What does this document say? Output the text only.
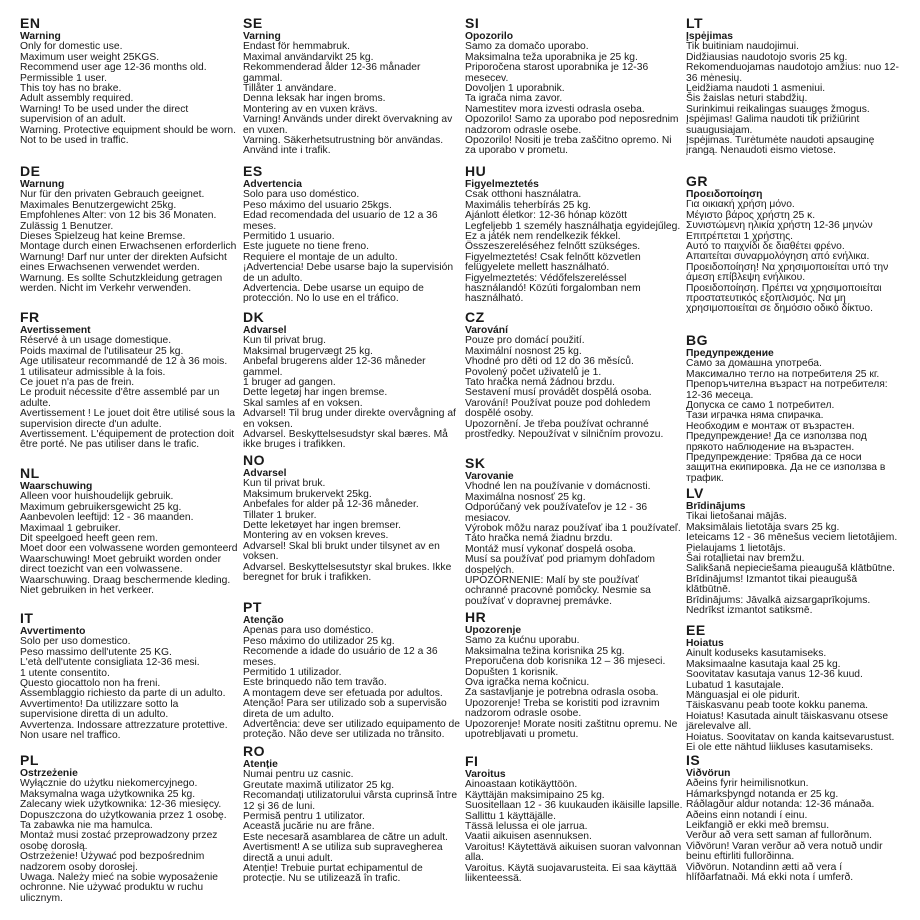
EN
Warning
Only for domestic use.
Maximum user weight 25KGS.
Recommend user age 12-36 months old.
Permissible 1 user.
This toy has no brake.
Adult assembly required.
Warning! To be used under the direct supervision of an adult.
Warning. Protective equipment should be worn. Not to be used in traffic.
DE
Warnung
Nur für den privaten Gebrauch geeignet.
Maximales Benutzergewicht 25kg.
Empfohlenes Alter: von 12 bis 36 Monaten.
Zulässig 1 Benutzer.
Dieses Spielzeug hat keine Bremse.
Montage durch einen Erwachsenen erforderlich
Warnung! Darf nur unter der direkten Aufsicht eines Erwachsenen verwendet werden.
Warnung. Es sollte Schutzkleidung getragen werden. Nicht im Verkehr verwenden.
FR
Avertissement
Réservé à un usage domestique.
Poids maximal de l'utilisateur 25 kg.
Age utilisateur recommandé de 12 à 36 mois.
1 utilisateur admissible à la fois.
Ce jouet n'a pas de frein.
Le produit nécessite d'être assemblé par un adulte.
Avertissement ! Le jouet doit être utilisé sous la supervision directe d'un adulte.
Avertissement. L'équipement de protection doit être porté. Ne pas utiliser dans le trafic.
NL
Waarschuwing
Alleen voor huishoudelijk gebruik.
Maximum gebruikersgewicht 25 kg.
Aanbevolen leeftijd: 12 - 36 maanden.
Maximaal 1 gebruiker.
Dit speelgoed heeft geen rem.
Moet door een volwassene worden gemonteerd
Waarschuwing! Moet gebruikt worden onder direct toezicht van een volwassene.
Waarschuwing. Draag beschermende kleding. Niet gebruiken in het verkeer.
IT
Avvertimento
Solo per uso domestico.
Peso massimo dell'utente 25 KG.
L'età dell'utente consigliata 12-36 mesi.
1 utente consentito.
Questo giocattolo non ha freni.
Assemblaggio richiesto da parte di un adulto.
Avvertimento! Da utilizzare sotto la supervisione diretta di un adulto.
Avvertenza. Indossare attrezzature protettive. Non usare nel traffico.
PL
Ostrzeżenie
Wyłącznie do użytku niekomercyjnego.
Maksymalna waga użytkownika 25 kg.
Zalecany wiek użytkownika: 12-36 miesięcy.
Dopuszczona do użytkowania przez 1 osobę.
Ta zabawka nie ma hamulca.
Montaż musi zostać przeprowadzony przez osobę dorosłą.
Ostrzeżenie! Używać pod bezpośrednim nadzorem osoby dorosłej.
Uwaga. Należy mieć na sobie wyposażenie ochronne. Nie używać produktu w ruchu ulicznym.
SE
Varning
Endast för hemmabruk.
Maximal användarvikt 25 kg.
Rekommenderad ålder 12-36 månader gammal.
Tillåter 1 användare.
Denna leksak har ingen broms.
Montering av en vuxen krävs.
Varning! Används under direkt övervakning av en vuxen.
Varning. Säkerhetsutrustning bör användas. Använd inte i trafik.
ES
Advertencia
Solo para uso doméstico.
Peso máximo del usuario 25kgs.
Edad recomendada del usuario de 12 a 36 meses.
Permitido 1 usuario.
Este juguete no tiene freno.
Requiere el montaje de un adulto.
¡Advertencia! Debe usarse bajo la supervisión de un adulto.
Advertencia. Debe usarse un equipo de protección. No lo use en el tráfico.
DK
Advarsel
Kun til privat brug.
Maksimal brugervægt 25 kg.
Anbefal brugerens alder 12-36 måneder gammel.
1 bruger ad gangen.
Dette legetøj har ingen bremse.
Skal samles af en voksen.
Advarsel! Til brug under direkte overvågning af en voksen.
Advarsel. Beskyttelsesudstyr skal bæres. Må ikke bruges i trafikken.
NO
Advarsel
Kun til privat bruk.
Maksimum brukervekt 25kg.
Anbefales for alder på 12-36 måneder.
Tillater 1 bruker.
Dette leketøyet har ingen bremser.
Montering av en voksen kreves.
Advarsel! Skal bli brukt under tilsynet av en voksen.
Advarsel. Beskyttelsesutstyr skal brukes. Ikke beregnet for bruk i trafikken.
PT
Atenção
Apenas para uso doméstico.
Peso máximo do utilizador 25 kg.
Recomende a idade do usuário de 12 a 36 meses.
Permitido 1 utilizador.
Este brinquedo não tem travão.
A montagem deve ser efetuada por adultos.
Atenção! Para ser utilizado sob a supervisão direta de um adulto.
Advertência: deve ser utilizado equipamento de proteção. Não deve ser utilizada no trânsito.
RO
Atenție
Numai pentru uz casnic.
Greutate maximă utilizator 25 kg.
Recomandați utilizatorului vârsta cuprinsă între 12 și 36 de luni.
Permisă pentru 1 utilizator.
Această jucărie nu are frâne.
Este necesară asamblarea de către un adult.
Avertisment! A se utiliza sub supravegherea directă a unui adult.
Atenție! Trebuie purtat echipamentul de protecție. Nu se utilizează în trafic.
SI
Opozorilo
Samo za domačo uporabo.
Maksimalna teža uporabnika je 25 kg.
Priporočena starost uporabnika je 12-36 mesecev.
Dovoljen 1 uporabnik.
Ta igrača nima zavor.
Namestitev mora izvesti odrasla oseba.
Opozorilo! Samo za uporabo pod neposrednim nadzorom odrasle osebe.
Opozorilo! Nositi je treba zaščitno opremo. Ni za uporabo v prometu.
HU
Figyelmeztetés
Csak otthoni használatra.
Maximális teherbírás 25 kg.
Ajánlott életkor: 12-36 hónap között
Legfeljebb 1 személy használhatja egyidejűleg.
Ez a játék nem rendelkezik fékkel.
Összeszereléséhez felnőtt szükséges.
Figyelmeztetés! Csak felnőtt közvetlen felügyelete mellett használható.
Figyelmeztetés: Védőfelszereléssel használandó! Közúti forgalomban nem használható.
CZ
Varování
Pouze pro domácí použití.
Maximální nosnost 25 kg.
Vhodné pro děti od 12 do 36 měsíců.
Povolený počet uživatelů je 1.
Tato hračka nemá žádnou brzdu.
Sestavení musí provádět dospělá osoba.
Varování! Používat pouze pod dohledem dospělé osoby.
Upozornění. Je třeba používat ochranné prostředky. Nepoužívat v silničním provozu.
SK
Varovanie
Vhodné len na používanie v domácnosti.
Maximálna nosnosť 25 kg.
Odporúčaný vek používateľov je 12 - 36 mesiacov.
Výrobok môžu naraz používať iba 1 používateľ.
Táto hračka nemá žiadnu brzdu.
Montáž musí vykonať dospelá osoba.
Musí sa používať pod priamym dohľadom dospelých.
UPOZORNENIE: Malí by ste používať ochranné pracovné pomôcky. Nesmie sa používať v dopravnej premávke.
HR
Upozorenje
Samo za kućnu uporabu.
Maksimalna težina korisnika 25 kg.
Preporučena dob korisnika 12 – 36 mjeseci.
Dopušten 1 korisnik.
Ova igračka nema kočnicu.
Za sastavljanje je potrebna odrasla osoba.
Upozorenje! Treba se koristiti pod izravnim nadzorom odrasle osobe.
Upozorenje! Morate nositi zaštitnu opremu. Ne upotrebljavati u prometu.
FI
Varoitus
Ainoastaan kotikäyttöön.
Käyttäjän maksimipaino 25 kg.
Suositellaan 12 - 36 kuukauden ikäisille lapsille.
Sallittu 1 käyttäjälle.
Tässä lelussa ei ole jarrua.
Vaatii aikuisen asennuksen.
Varoitus! Käytettävä aikuisen suoran valvonnan alla.
Varoitus. Käytä suojavarusteita. Ei saa käyttää liikenteessä.
LT
Įspėjimas
Tik buitiniam naudojimui.
Didžiausias naudotojo svoris 25 kg.
Rekomenduojamas naudotojo amžius: nuo 12-36 mėnesių.
Leidžiama naudoti 1 asmeniui.
Šis žaislas neturi stabdžių.
Surinkimui reikalingas suaugęs žmogus.
Įspėjimas! Galima naudoti tik prižiūrint suaugusiajam.
Įspėjimas. Turėtumėte naudoti apsauginę įrangą. Nenaudoti eismo vietose.
GR
Προειδοποίηση
Για οικιακή χρήση μόνο.
Μέγιστο βάρος χρήστη 25 κ.
Συνιστώμενη ηλικία χρήστη 12-36 μηνών
Επιτρέπεται 1 χρήστης.
Αυτό το παιχνίδι δε διαθέτει φρένο.
Απαιτείται συναρμολόγηση από ενήλικα.
Προειδοποίηση! Να χρησιμοποιείται υπό την άμεση επίβλεψη ενήλικου.
Προειδοποίηση. Πρέπει να χρησιμοποιείται προστατευτικός εξοπλισμός. Να μη χρησιμοποιείται σε δημόσιο οδικό δίκτυο.
BG
Предупреждение
Само за домашна употреба.
Максимално тегло на потребителя 25 кг.
Препоръчителна възраст на потребителя: 12-36 месеца.
Допуска се само 1 потребител.
Тази играчка няма спирачка.
Необходим е монтаж от възрастен.
Предупреждение! Да се използва под прякото наблюдение на възрастен.
Предупреждение: Трябва да се носи защитна екипировка. Да не се използва в трафик.
LV
Brīdinājums
Tikai lietošanai mājās.
Maksimālais lietotāja svars 25 kg.
Ieteicams 12 - 36 mēnešus veciem lietotājiem.
Pielaujams 1 lietotājs.
Šai rotaļlietai nav bremžu.
Salikšanā nepieciešama pieaugušā klātbūtne.
Brīdinājums! Izmantot tikai pieaugušā klātbūtnē.
Brīdinājums: Jāvalkā aizsargaprīkojums. Nedrīkst izmantot satiksmē.
EE
Hoiatus
Ainult koduseks kasutamiseks.
Maksimaalne kasutaja kaal 25 kg.
Soovitatav kasutaja vanus 12-36 kuud.
Lubatud 1 kasutajale.
Mänguasjal ei ole pidurit.
Täiskasvanu peab toote kokku panema.
Hoiatus! Kasutada ainult täiskasvanu otsese järelevalve all.
Hoiatus. Soovitatav on kanda kaitsevarustust. Ei ole ette nähtud liikluses kasutamiseks.
IS
Viðvörun
Aðeins fyrir heimilisnotkun.
Hámarksþyngd notanda er 25 kg.
Ráðlagður aldur notanda: 12-36 mánaða.
Aðeins einn notandi í einu.
Leikfangið er ekki með bremsu.
Verður að vera sett saman af fullorðnum.
Viðvörun! Varan verður að vera notuð undir beinu eftirliti fullorðinna.
Viðvörun. Notandinn ætti að vera í hlífðarfatnaði. Má ekki nota í umferð.
